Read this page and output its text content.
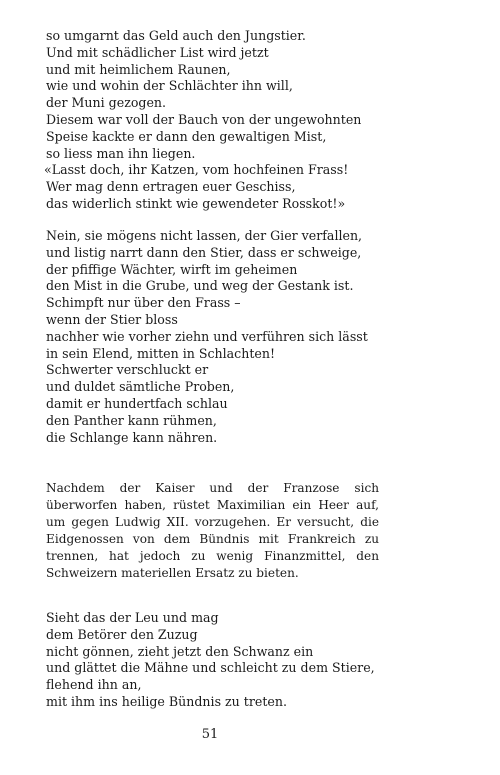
so umgarnt das Geld auch den Jungstier.
Und mit schädlicher List wird jetzt
und mit heimlichem Raunen,
wie und wohin der Schlächter ihn will,
der Muni gezogen.
Diesem war voll der Bauch von der ungewohnten
Speise kackte er dann den gewaltigen Mist,
so liess man ihn liegen.
«Lasst doch, ihr Katzen, vom hochfeinen Frass!
Wer mag denn ertragen euer Geschiss,
das widerlich stinkt wie gewendeter Rosskot!»
Nein, sie mögens nicht lassen, der Gier verfallen,
und listig narrt dann den Stier, dass er schweige,
der pfiffige Wächter, wirft im geheimen
den Mist in die Grube, und weg der Gestank ist.
Schimpft nur über den Frass –
wenn der Stier bloss
nachher wie vorher ziehn und verführen sich lässt
in sein Elend, mitten in Schlachten!
Schwerter verschluckt er
und duldet sämtliche Proben,
damit er hundertfach schlau
den Panther kann rühmen,
die Schlange kann nähren.

Nachdem der Kaiser und der Franzose sich überworfen haben, rüstet Maximilian ein Heer auf, um gegen Ludwig XII. vorzugehen. Er versucht, die Eidgenossen von dem Bündnis mit Frankreich zu trennen, hat jedoch zu wenig Finanzmittel, den Schweizern materiellen Ersatz zu bieten.

Sieht das der Leu und mag
dem Betörer den Zuzug
nicht gönnen, zieht jetzt den Schwanz ein
und glättet die Mähne und schleicht zu dem Stiere,
flehend ihn an,
mit ihm ins heilige Bündnis zu treten.
51
